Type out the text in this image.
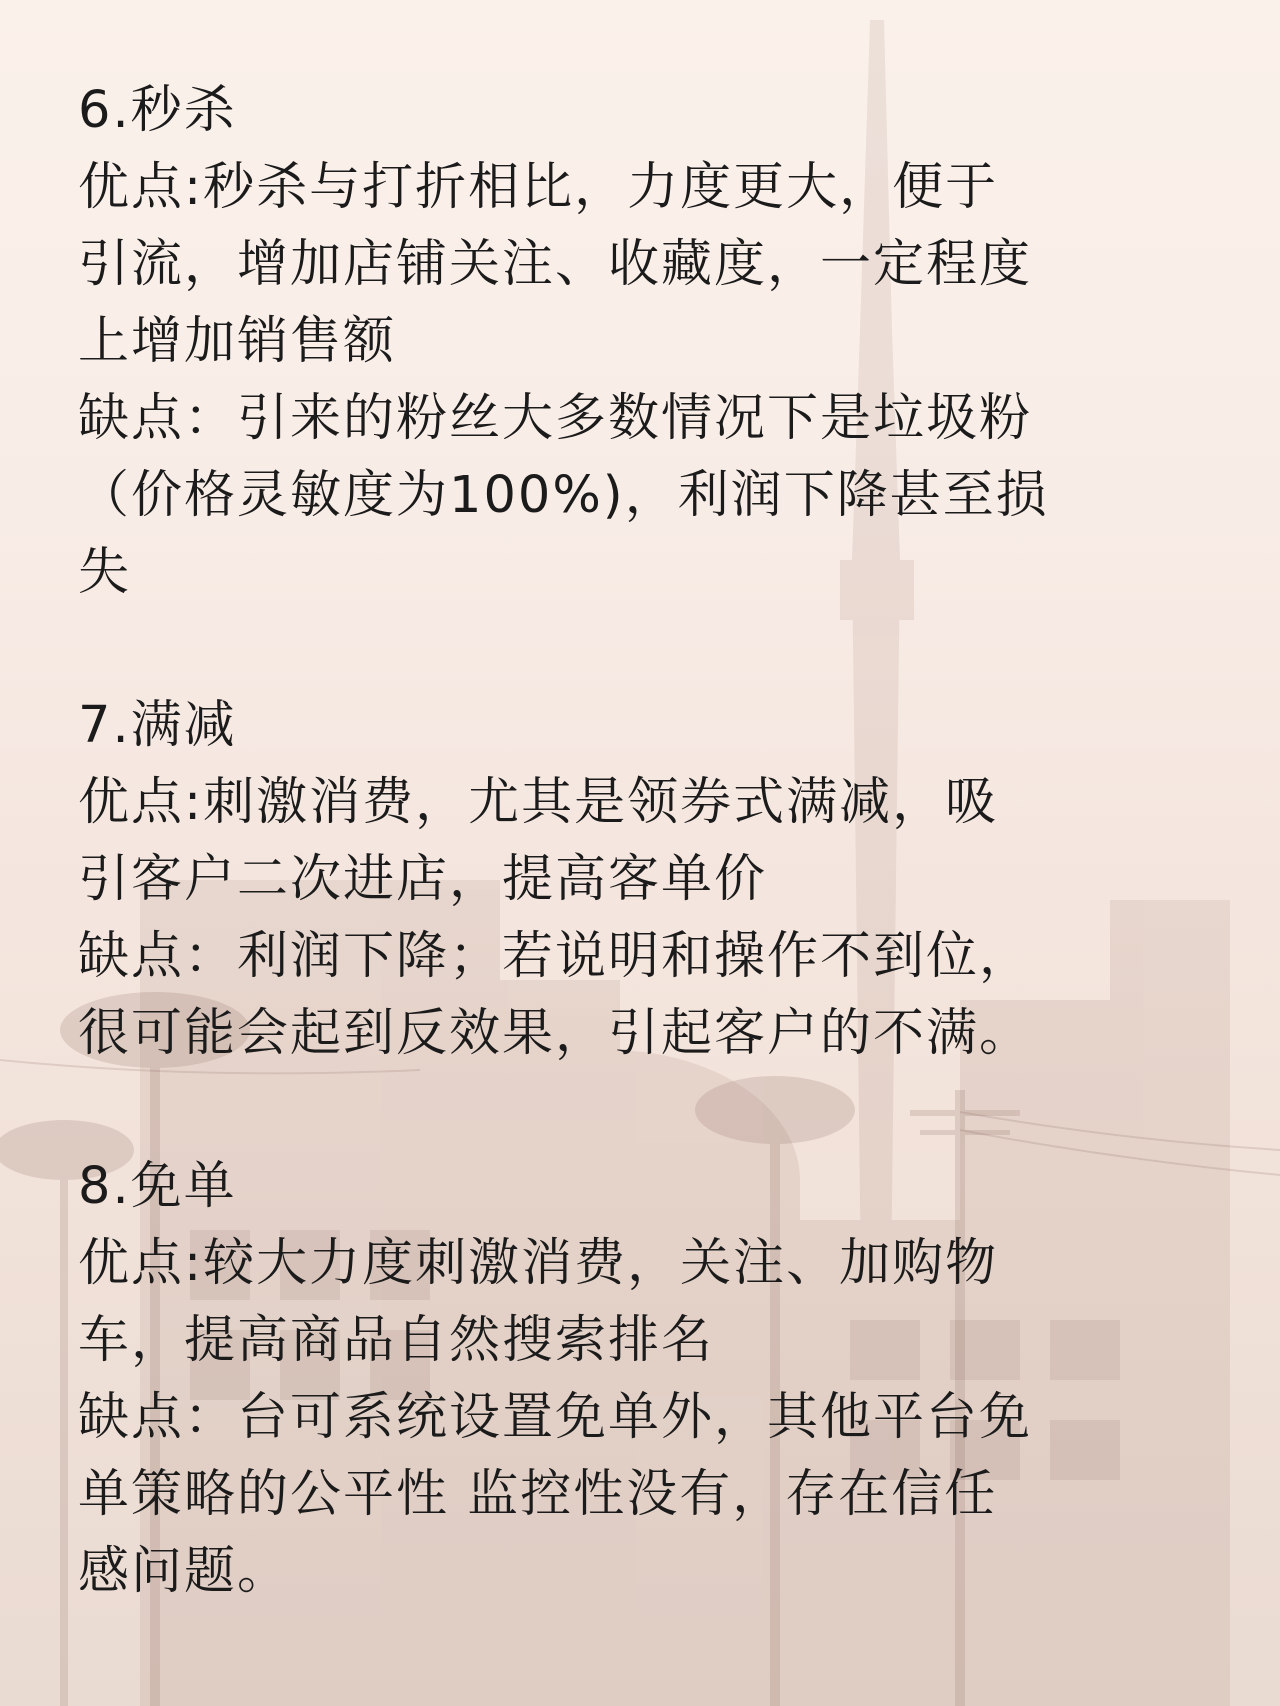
6.秒杀
优点:秒杀与打折相比，力度更大，便于
引流，增加店铺关注、收藏度，一定程度
上增加销售额
缺点：引来的粉丝大多数情况下是垃圾粉
（价格灵敏度为100%)，利润下降甚至损
失
7.满减
优点:刺激消费，尤其是领券式满减，吸
引客户二次进店，提高客单价
缺点：利润下降；若说明和操作不到位，
很可能会起到反效果，引起客户的不满。
8.免单
优点:较大力度刺激消费，关注、加购物
车，提高商品自然搜索排名
缺点：台可系统设置免单外，其他平台免
单策略的公平性 监控性没有，存在信任
感问题。
